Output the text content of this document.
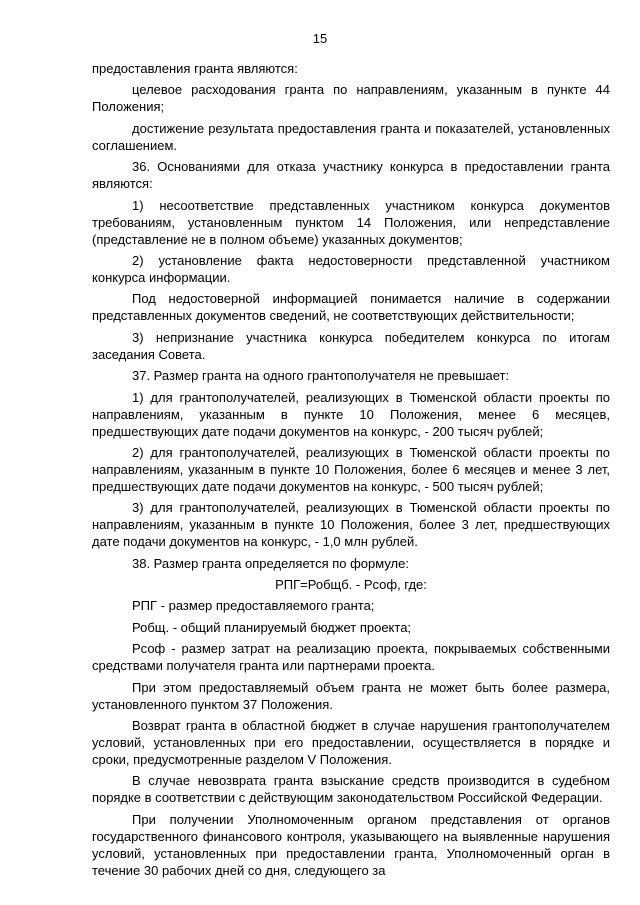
15

предоставления гранта являются:

целевое расходования гранта по направлениям, указанным в пункте 44 Положения;

достижение результата предоставления гранта и показателей, установленных соглашением.

36. Основаниями для отказа участнику конкурса в предоставлении гранта являются:

1) несоответствие представленных участником конкурса документов требованиям, установленным пунктом 14 Положения, или непредставление (представление не в полном объеме) указанных документов;

2) установление факта недостоверности представленной участником конкурса информации.

Под недостоверной информацией понимается наличие в содержании представленных документов сведений, не соответствующих действительности;

3) непризнание участника конкурса победителем конкурса по итогам заседания Совета.

37. Размер гранта на одного грантополучателя не превышает:

1) для грантополучателей, реализующих в Тюменской области проекты по направлениям, указанным в пункте 10 Положения, менее 6 месяцев, предшествующих дате подачи документов на конкурс, - 200 тысяч рублей;

2) для грантополучателей, реализующих в Тюменской области проекты по направлениям, указанным в пункте 10 Положения, более 6 месяцев и менее 3 лет, предшествующих дате подачи документов на конкурс, - 500 тысяч рублей;

3) для грантополучателей, реализующих в Тюменской области проекты по направлениям, указанным в пункте 10 Положения, более 3 лет, предшествующих дате подачи документов на конкурс, - 1,0 млн рублей.

38. Размер гранта определяется по формуле:

РПГ=Робщб. - Рсоф, где:

РПГ - размер предоставляемого гранта;

Робщ. - общий планируемый бюджет проекта;

Рсоф - размер затрат на реализацию проекта, покрываемых собственными средствами получателя гранта или партнерами проекта.

При этом предоставляемый объем гранта не может быть более размера, установленного пунктом 37 Положения.

Возврат гранта в областной бюджет в случае нарушения грантополучателем условий, установленных при его предоставлении, осуществляется в порядке и сроки, предусмотренные разделом V Положения.

В случае невозврата гранта взыскание средств производится в судебном порядке в соответствии с действующим законодательством Российской Федерации.

При получении Уполномоченным органом представления от органов государственного финансового контроля, указывающего на выявленные нарушения условий, установленных при предоставлении гранта, Уполномоченный орган в течение 30 рабочих дней со дня, следующего за
